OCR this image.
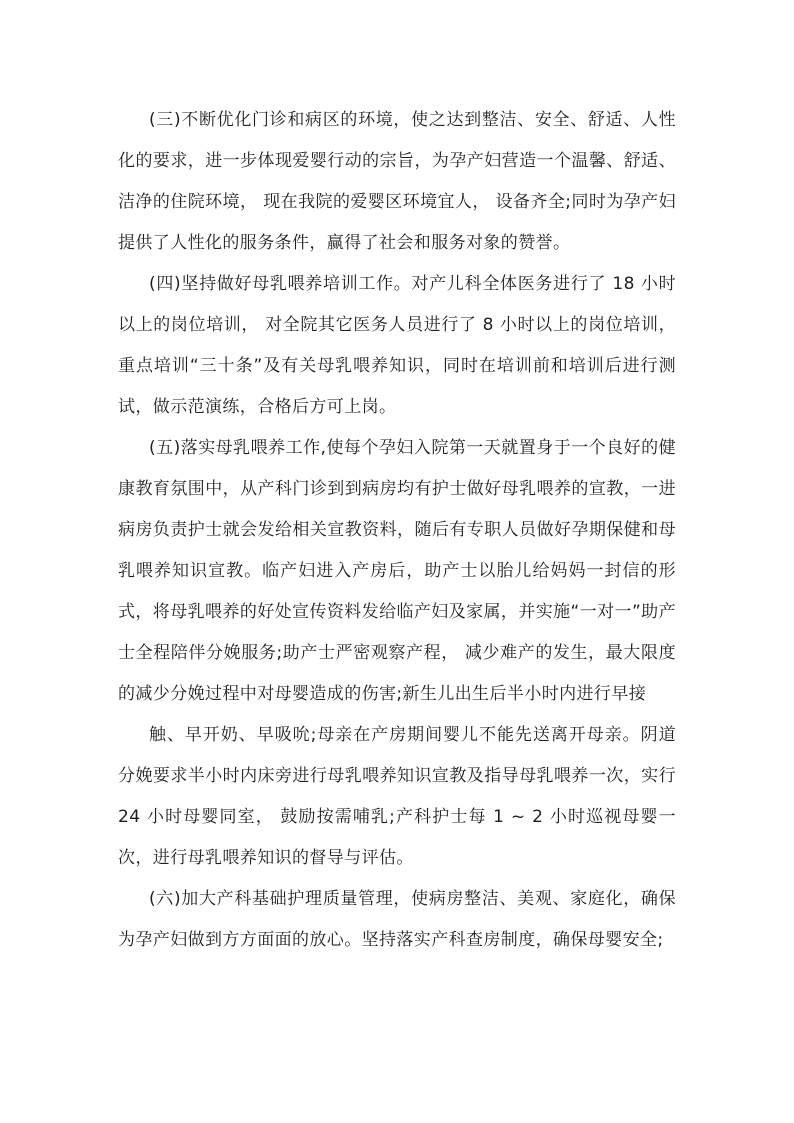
(三)不断优化门诊和病区的环境，使之达到整洁、安全、舒适、人性化的要求，进一步体现爱婴行动的宗旨，为孕产妇营造一个温馨、舒适、洁净的住院环境， 现在我院的爱婴区环境宜人， 设备齐全;同时为孕产妇提供了人性化的服务条件，赢得了社会和服务对象的赞誉。

(四)坚持做好母乳喂养培训工作。对产儿科全体医务进行了 18 小时以上的岗位培训， 对全院其它医务人员进行了 8 小时以上的岗位培训，重点培训“三十条”及有关母乳喂养知识，同时在培训前和培训后进行测试，做示范演练，合格后方可上岗。

(五)落实母乳喂养工作,使每个孕妇入院第一天就置身于一个良好的健康教育氛围中，从产科门诊到到病房均有护士做好母乳喂养的宣教，一进病房负责护士就会发给相关宣教资料，随后有专职人员做好孕期保健和母乳喂养知识宣教。临产妇进入产房后，助产士以胎儿给妈妈一封信的形式，将母乳喂养的好处宣传资料发给临产妇及家属，并实施“一对一”助产士全程陪伴分娩服务;助产士严密观察产程， 减少难产的发生，最大限度的减少分娩过程中对母婴造成的伤害;新生儿出生后半小时内进行早接

触、早开奶、早吸吮;母亲在产房期间婴儿不能先送离开母亲。阴道分娩要求半小时内床旁进行母乳喂养知识宣教及指导母乳喂养一次，实行 24 小时母婴同室， 鼓励按需哺乳;产科护士每 1 ~ 2 小时巡视母婴一次，进行母乳喂养知识的督导与评估。

(六)加大产科基础护理质量管理，使病房整洁、美观、家庭化，确保为孕产妇做到方方面面的放心。坚持落实产科查房制度，确保母婴安全;
